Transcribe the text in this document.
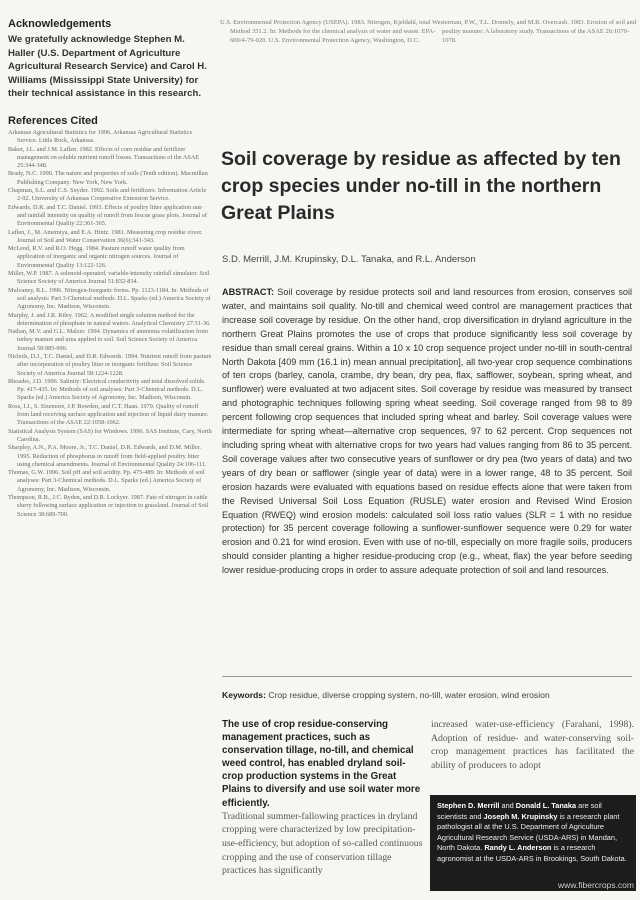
Acknowledgements

We gratefully acknowledge Stephen M. Haller (U.S. Department of Agriculture Agricultural Research Service) and Carol H. Williams (Mississippi State University) for their technical assistance in this research.

References Cited
Arkansas Agricultural Statistics for 1996. Arkansas Agricultural Statistics Service. Little Rock, Arkansas.
Baker, J.L. and J.M. Laflen. 1982. Effects of corn residue and fertilizer management on soluble nutrient runoff losses. Transactions of the ASAE 25:344-348.
Brady, N.C. 1990. The nature and properties of soils (Tenth edition). Macmillan Publishing Company. New York, New York.
Chapman, S.L. and C.S. Snyder. 1992. Soils and fertilizers. Information Article 2-92. University of Arkansas Cooperative Extension Service.
Edwards, D.R. and T.C. Daniel. 1993. Effects of poultry litter application rate and rainfall intensity on quality of runoff from fescue grass plots. Journal of Environmental Quality 22:361-365.
Laflen, J., M. Amemiya, and E.A. Hintz. 1981. Measuring crop residue cover. Journal of Soil and Water Conservation 36(6):341-343.
McLeod, R.V. and R.O. Hegg. 1984. Pasture runoff water quality from application of inorganic and organic nitrogen sources. Journal of Environmental Quality 13:122-126.
Miller, W.P. 1987. A solenoid-operated, variable-intensity rainfall simulator. Soil Science Society of America Journal 51:832-834.
Mulvaney, R.L. 1996. Nitrogen-Inorganic forms. Pp. 1123-1184. In: Methods of soil analysis: Part 3-Chemical methods. D.L. Sparks (ed.) America Society of Agronomy, Inc. Madison, Wisconsin.
Murphy, J. and J.R. Riley. 1962. A modified single solution method for the determination of phosphate in natural waters. Analytical Chemistry 27:31-36.
Nathan, M.V. and G.L. Malzer. 1994. Dynamics of ammonia volatilization from turkey manure and urea applied to soil. Soil Science Society of America Journal 58:985-990.
Nichols, D.J., T.C. Daniel, and D.R. Edwards. 1994. Nutrient runoff from pasture after incorporation of poultry litter or inorganic fertilizer. Soil Science Society of America Journal 58:1224-1228.
Rhoades, J.D. 1996. Salinity: Electrical conductivity and total dissolved solids. Pp. 417-435. In: Methods of soil analyses: Part 3-Chemical methods. D.L. Sparks (ed.) America Society of Agronomy, Inc. Madison, Wisconsin.
Ross, I.J., S. Sizemore, J.P. Bowden, and C.T. Haan. 1979. Quality of runoff from land receiving surface application and injection of liquid dairy manure. Transactions of the ASAE 22:1058-1062.
Statistical Analysis System (SAS) for Windows. 1996. SAS Institute, Cary, North Carolina.
Sharpley, A.N., P.A. Moore, Jr., T.C. Daniel, D.R. Edwards, and D.M. Miller. 1995. Reduction of phosphorus in runoff from field-applied poultry litter using chemical amendments. Journal of Environmental Quality 24:106-111.
Thomas, G.W. 1996. Soil pH and soil acidity. Pp. 475-489. In: Methods of soil analyses: Part 3-Chemical methods. D.L. Sparks (ed.) America Society of Agronomy, Inc. Madison, Wisconsin.
Thompson, R.B., J.C. Ryden, and D.R. Lockyer. 1987. Fate of nitrogen in cattle slurry following surface application or injection to grassland. Journal of Soil Science 38:689-700.
U.S. Environmental Protection Agency (USEPA). 1983. Nitrogen, Kjeldahl, total Method 351.2. In: Methods for the chemical analysis of water and waste. EPA-600/4-79-020. U.S. Environmental Protection Agency, Washington, D.C.
Westerman, P.W., T.L. Donnely, and M.R. Overcash. 1983. Erosion of soil and poultry manure: A laboratory study. Transactions of the ASAE 26:1070-1078.
Soil coverage by residue as affected by ten crop species under no-till in the northern Great Plains

S.D. Merrill, J.M. Krupinsky, D.L. Tanaka, and R.L. Anderson

ABSTRACT: Soil coverage by residue protects soil and land resources from erosion, conserves soil water, and maintains soil quality. No-till and chemical weed control are management practices that increase soil coverage by residue. On the other hand, crop diversification in dryland agriculture in the northern Great Plains promotes the use of crops that produce significantly less soil coverage by residue than small cereal grains. Within a 10 x 10 crop sequence project under no-till in south-central North Dakota [409 mm (16.1 in) mean annual precipitation], all two-year crop sequence combinations of ten crops (barley, canola, crambe, dry bean, dry pea, flax, safflower, soybean, spring wheat, and sunflower) were evaluated at two adjacent sites. Soil coverage by residue was measured by transect and photographic techniques following spring wheat seeding. Soil coverage ranged from 98 to 89 percent following crop sequences that included spring wheat and barley. Soil coverage values were intermediate for spring wheat—alternative crop sequences, 97 to 62 percent. Crop sequences not including spring wheat with alternative crops for two years had values ranging from 86 to 35 percent. Soil coverage values after two consecutive years of sunflower or dry pea (two years of data) and two years of dry bean or safflower (single year of data) were in a lower range, 48 to 35 percent. Soil erosion hazards were evaluated with equations based on residue effects alone that were taken from the Revised Universal Soil Loss Equation (RUSLE) water erosion and Revised Wind Erosion Equation (RWEQ) wind erosion models: calculated soil loss ratio values (SLR = 1 with no residue protection) for 35 percent coverage following a sunflower-sunflower sequence were 0.29 for water erosion and 0.21 for wind erosion. Even with use of no-till, especially on more fragile soils, producers should consider planting a higher residue-producing crop (e.g., wheat, flax) the year before seeding lower residue-producing crops in order to assure adequate protection of soil and land resources.

Keywords: Crop residue, diverse cropping system, no-till, water erosion, wind erosion

The use of crop residue-conserving management practices, such as conservation tillage, no-till, and chemical weed control, has enabled dryland soil-crop production systems in the Great Plains to diversify and use soil water more efficiently.
Traditional summer-fallowing practices in dryland cropping were characterized by low precipitation-use-efficiency, but adoption of so-called continuous cropping and the use of conservation tillage practices has significantly
increased water-use-efficiency (Farahani, 1998). Adoption of residue- and water-conserving soil-crop management practices has facilitated the ability of producers to adopt
Stephen D. Merrill and Donald L. Tanaka are soil scientists and Joseph M. Krupinsky is a research plant pathologist all at the U.S. Department of Agriculture Agricultural Research Service (USDA-ARS) in Mandan, North Dakota. Randy L. Anderson is a research agronomist at the USDA-ARS in Brookings, South Dakota.
www.fibercrops.com
